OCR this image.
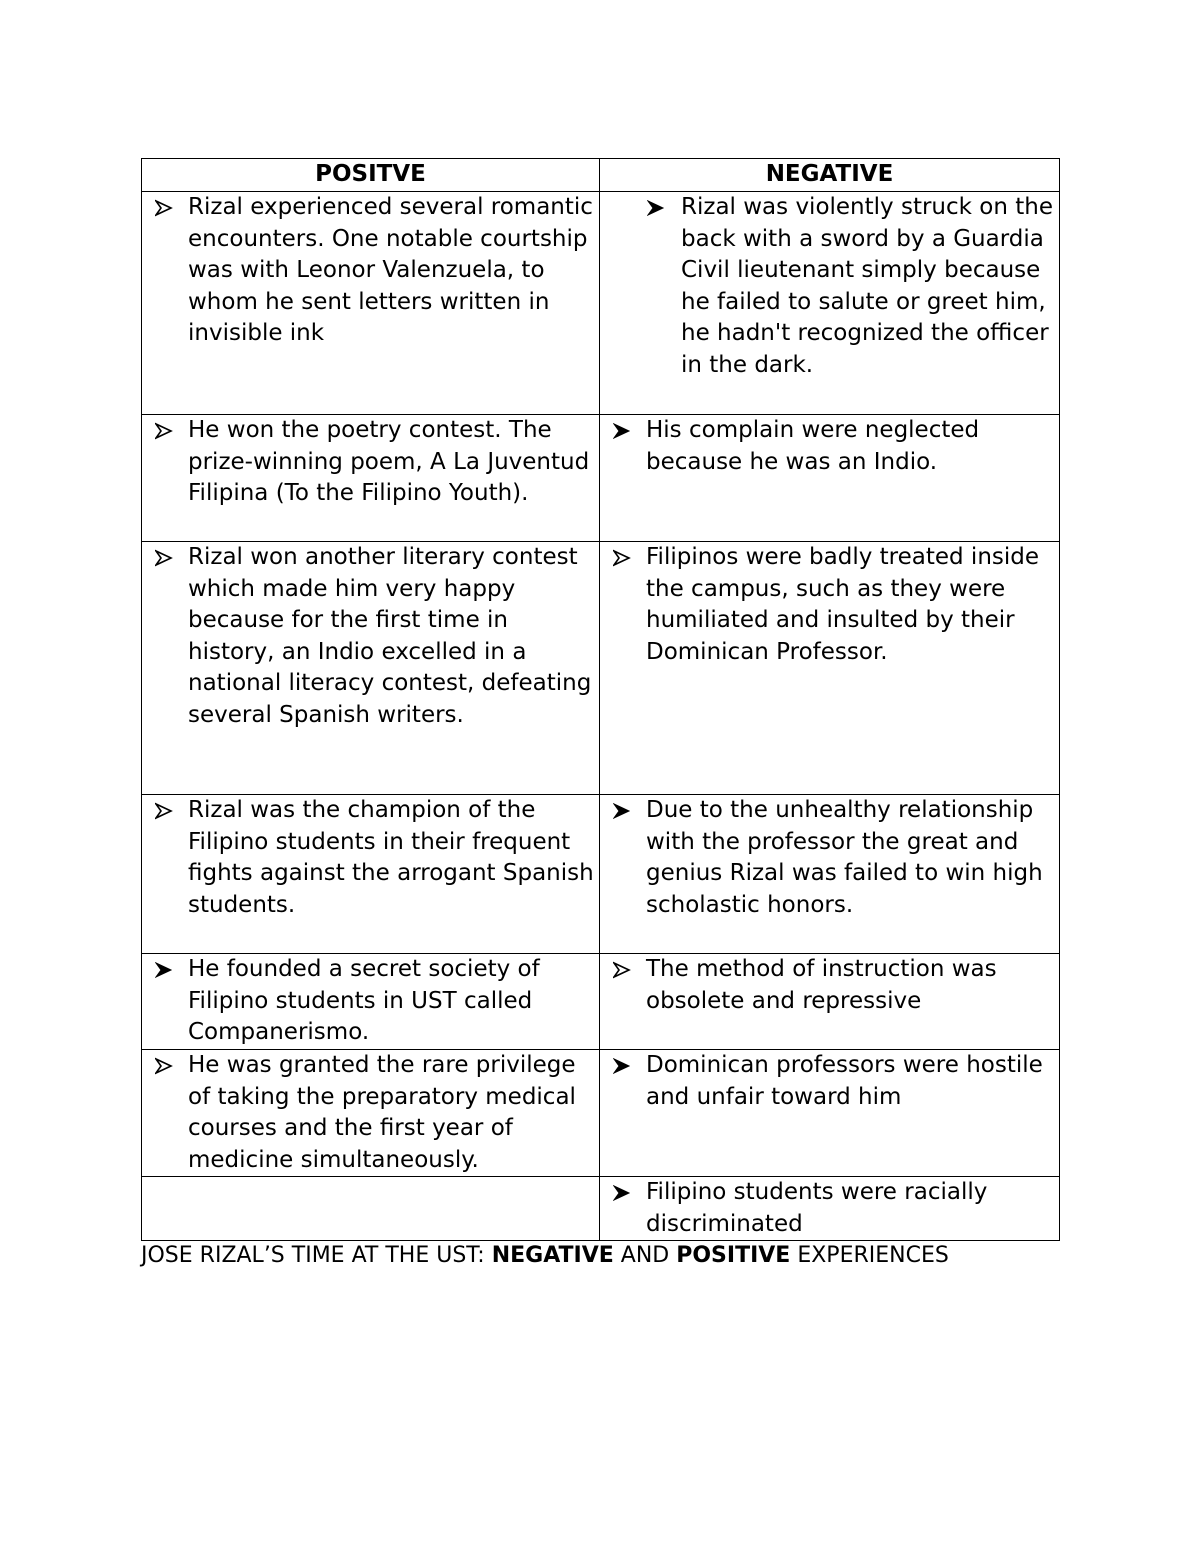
POSITVE	NEGATIVE

Rizal experienced several romantic encounters. One notable courtship was with Leonor Valenzuela, to whom he sent letters written in invisible ink	Rizal was violently struck on the back with a sword by a Guardia Civil lieutenant simply because he failed to salute or greet him, he hadn't recognized the officer in the dark.

He won the poetry contest. The prize-winning poem, A La Juventud Filipina (To the Filipino Youth).	His complain were neglected because he was an Indio.

Rizal won another literary contest which made him very happy because for the first time in history, an Indio excelled in a national literacy contest, defeating several Spanish writers.	Filipinos were badly treated inside the campus, such as they were humiliated and insulted by their Dominican Professor.

Rizal was the champion of the Filipino students in their frequent fights against the arrogant Spanish students.	Due to the unhealthy relationship with the professor the great and genius Rizal was failed to win high scholastic honors.

He founded a secret society of Filipino students in UST called Companerismo.	The method of instruction was obsolete and repressive

He was granted the rare privilege of taking the preparatory medical courses and the first year of medicine simultaneously.	Dominican professors were hostile and unfair toward him

	Filipino students were racially discriminated
JOSE RIZAL’S TIME AT THE UST: NEGATIVE AND POSITIVE EXPERIENCES
